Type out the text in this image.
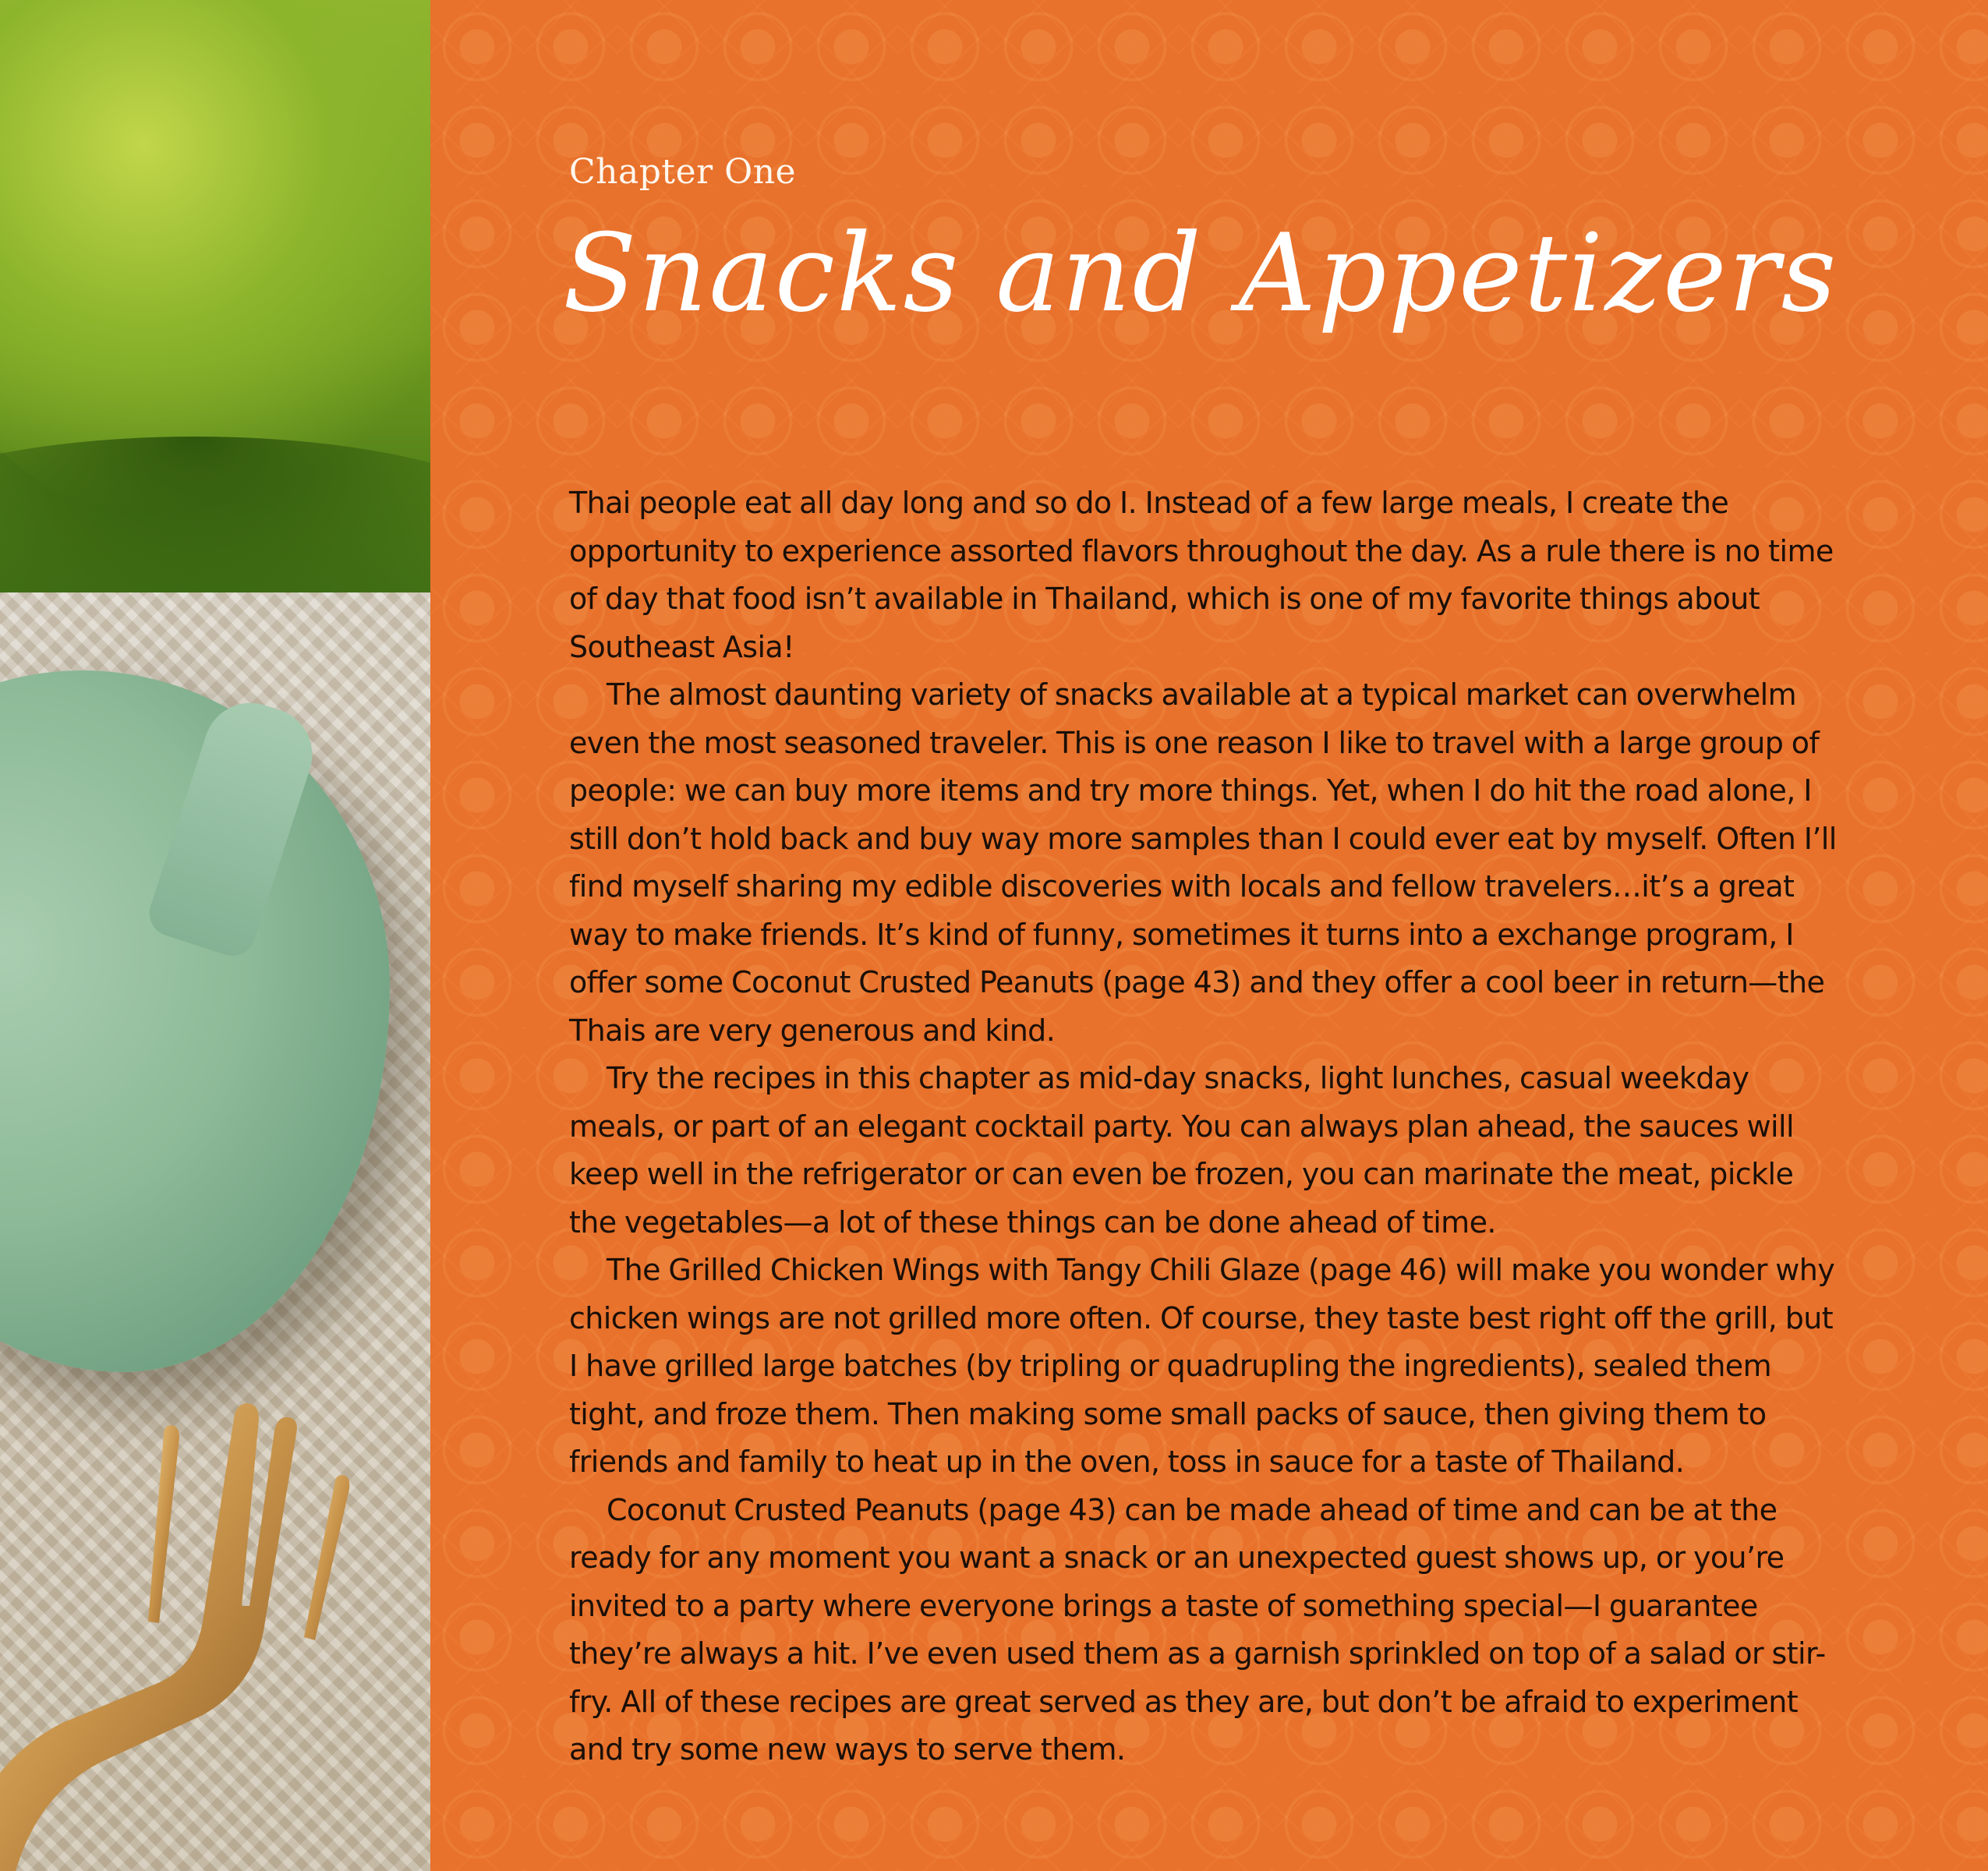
Chapter One
Snacks and Appetizers

Thai people eat all day long and so do I. Instead of a few large meals, I create the opportunity to experience assorted flavors throughout the day. As a rule there is no time of day that food isn’t available in Thailand, which is one of my favorite things about Southeast Asia!

The almost daunting variety of snacks available at a typical market can overwhelm even the most seasoned traveler. This is one reason I like to travel with a large group of people: we can buy more items and try more things. Yet, when I do hit the road alone, I still don’t hold back and buy way more samples than I could ever eat by myself. Often I’ll find myself sharing my edible discoveries with locals and fellow travelers…it’s a great way to make friends. It’s kind of funny, sometimes it turns into a exchange program, I offer some Coconut Crusted Peanuts (page 43) and they offer a cool beer in return—the Thais are very generous and kind.

Try the recipes in this chapter as mid-day snacks, light lunches, casual weekday meals, or part of an elegant cocktail party. You can always plan ahead, the sauces will keep well in the refrigerator or can even be frozen, you can marinate the meat, pickle the vegetables—a lot of these things can be done ahead of time.

The Grilled Chicken Wings with Tangy Chili Glaze (page 46) will make you wonder why chicken wings are not grilled more often. Of course, they taste best right off the grill, but I have grilled large batches (by tripling or quadrupling the ingredients), sealed them tight, and froze them. Then making some small packs of sauce, then giving them to friends and family to heat up in the oven, toss in sauce for a taste of Thailand.

Coconut Crusted Peanuts (page 43) can be made ahead of time and can be at the ready for any moment you want a snack or an unexpected guest shows up, or you’re invited to a party where everyone brings a taste of something special—I guarantee they’re always a hit. I’ve even used them as a garnish sprinkled on top of a salad or stir-fry. All of these recipes are great served as they are, but don’t be afraid to experiment and try some new ways to serve them.
